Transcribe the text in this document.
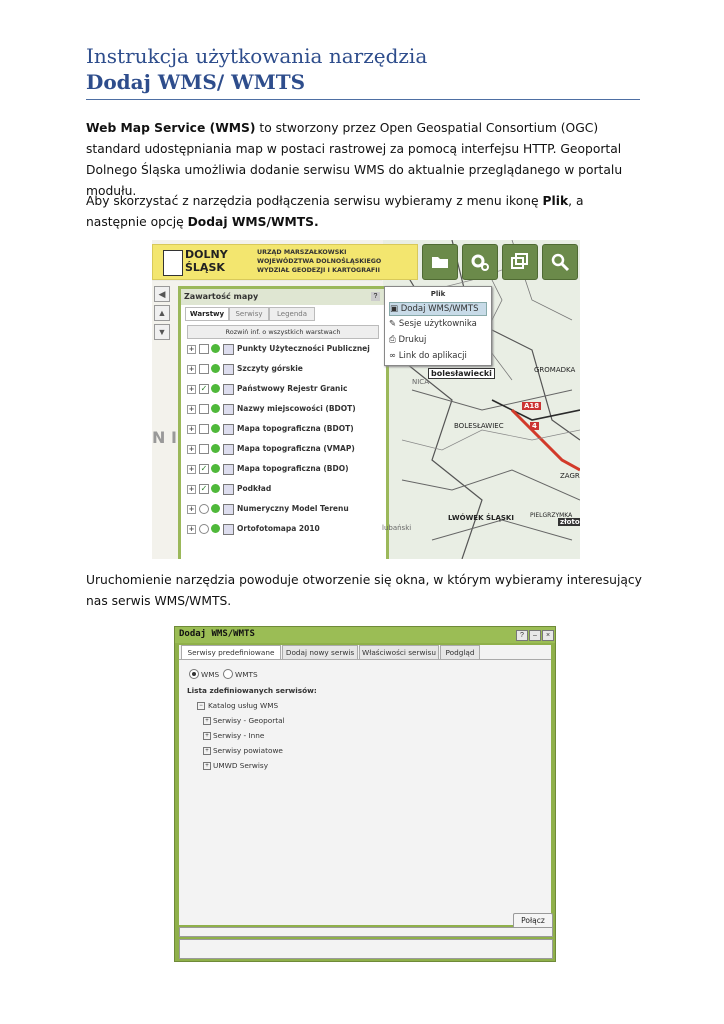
Instrukcja użytkowania narzędzia
Dodaj WMS/ WMTS
Web Map Service (WMS) to stworzony przez Open Geospatial Consortium (OGC) standard udostępniania map w postaci rastrowej za pomocą interfejsu HTTP. Geoportal Dolnego Śląska umożliwia dodanie serwisu WMS do aktualnie przeglądanego w portalu modułu.
Aby skorzystać z narzędzia podłączenia serwisu wybieramy z menu ikonę Plik, a następnie opcję Dodaj WMS/WMTS.
DOLNY
ŚLĄSK
URZĄD MARSZAŁKOWSKI
WOJEWÓDZTWA DOLNOŚLĄSKIEGO
WYDZIAŁ GEODEZJI I KARTOGRAFII
◀
▲
▼
Zawartość mapy	?
Warstwy	Serwisy	Legenda
Rozwiń inf. o wszystkich warstwach
+	Punkty Użyteczności Publicznej
+	Szczyty górskie
+ ✓	Państwowy Rejestr Granic
+	Nazwy miejscowości (BDOT)
+	Mapa topograficzna (BDOT)
+	Mapa topograficzna (VMAP)
+ ✓	Mapa topograficzna (BDO)
+ ✓	Podkład
+	Numeryczny Model Terenu
+	Ortofotomapa 2010
Plik
▣ Dodaj WMS/WMTS
✎ Sesje użytkownika
⎙ Drukuj
∞ Link do aplikacji
bolesławiecki
A18
4
GROMADKA
BOLESŁAWIEC
LWÓWEK ŚLĄSKI	złoto
ZAGR
PIELGRZYMKA
NICA
lubański
N I
Uruchomienie narzędzia powoduje otworzenie się okna, w którym wybieramy interesujący nas serwis WMS/WMTS.
Dodaj WMS/WMTS	?	–	×
Serwisy predefiniowane	Dodaj nowy serwis	Właściwości serwisu	Podgląd
WMS WMTS
Lista zdefiniowanych serwisów:
− Katalog usług WMS
+ Serwisy - Geoportal
+ Serwisy - Inne
+ Serwisy powiatowe
+ UMWD Serwisy
Połącz
